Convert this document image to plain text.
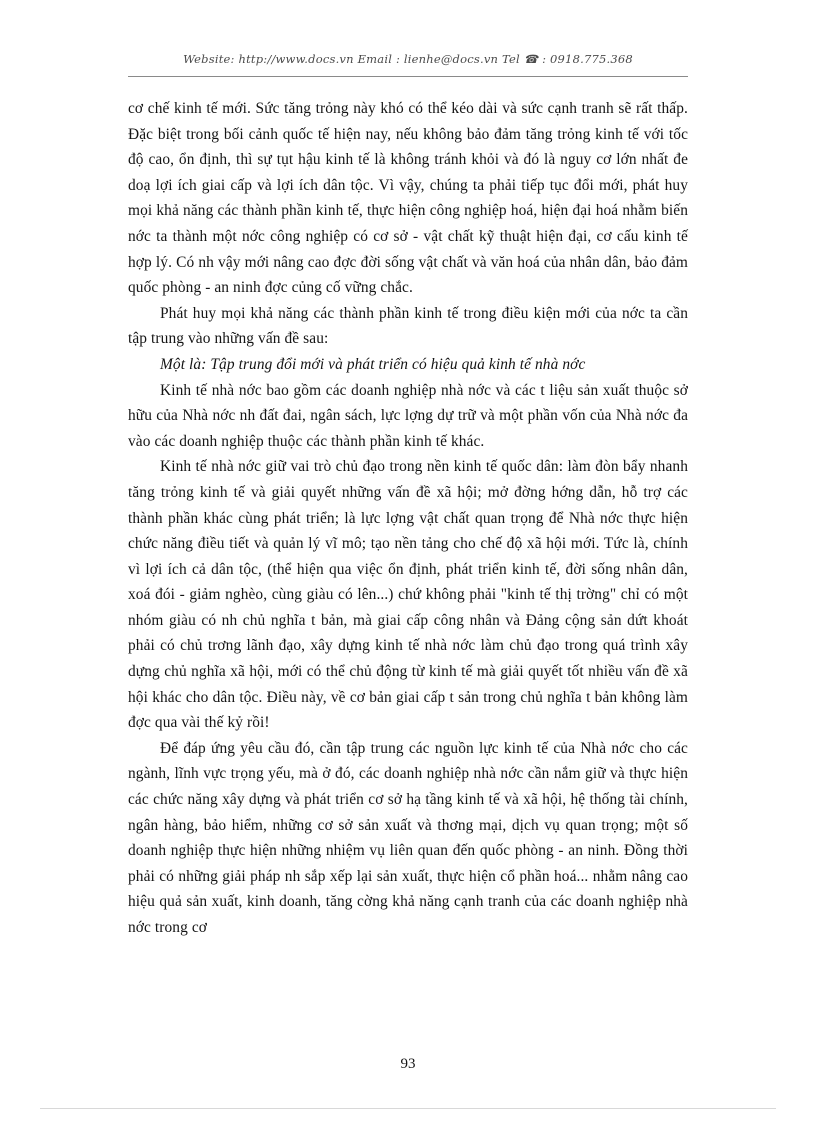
Website: http://www.docs.vn Email : lienhe@docs.vn Tel ☎ : 0918.775.368

cơ chế kinh tế mới. Sức tăng trỏng này khó có thể kéo dài và sức cạnh tranh sẽ rất thấp. Đặc biệt trong bối cảnh quốc tế hiện nay, nếu không bảo đảm tăng trỏng kinh tế với tốc độ cao, ổn định, thì sự tụt hậu kinh tế là không tránh khỏi và đó là nguy cơ lớn nhất đe doạ lợi ích giai cấp và lợi ích dân tộc. Vì vậy, chúng ta phải tiếp tục đổi mới, phát huy mọi khả năng các thành phần kinh tế, thực hiện công nghiệp hoá, hiện đại hoá nhằm biến nớc ta thành một nớc công nghiệp có cơ sở - vật chất kỹ thuật hiện đại, cơ cấu kinh tế hợp lý. Có nh vậy mới nâng cao đợc đời sống vật chất và văn hoá của nhân dân, bảo đảm quốc phòng - an ninh đợc củng cố vững chắc.

Phát huy mọi khả năng các thành phần kinh tế trong điều kiện mới của nớc ta cần tập trung vào những vấn đề sau:

Một là: Tập trung đổi mới và phát triển có hiệu quả kinh tế nhà nớc

Kinh tế nhà nớc bao gồm các doanh nghiệp nhà nớc và các t liệu sản xuất thuộc sở hữu của Nhà nớc nh đất đai, ngân sách, lực lợng dự trữ và một phần vốn của Nhà nớc đa vào các doanh nghiệp thuộc các thành phần kinh tế khác.

Kinh tế nhà nớc giữ vai trò chủ đạo trong nền kinh tế quốc dân: làm đòn bẩy nhanh tăng trỏng kinh tế và giải quyết những vấn đề xã hội; mở đờng hớng dẫn, hỗ trợ các thành phần khác cùng phát triển; là lực lợng vật chất quan trọng để Nhà nớc thực hiện chức năng điều tiết và quản lý vĩ mô; tạo nền tảng cho chế độ xã hội mới. Tức là, chính vì lợi ích cả dân tộc, (thể hiện qua việc ổn định, phát triển kinh tế, đời sống nhân dân, xoá đói - giảm nghèo, cùng giàu có lên...) chứ không phải "kinh tế thị trờng" chỉ có một nhóm giàu có nh chủ nghĩa t bản, mà giai cấp công nhân và Đảng cộng sản dứt khoát phải có chủ trơng lãnh đạo, xây dựng kinh tế nhà nớc làm chủ đạo trong quá trình xây dựng chủ nghĩa xã hội, mới có thể chủ động từ kinh tế mà giải quyết tốt nhiều vấn đề xã hội khác cho dân tộc. Điều này, về cơ bản giai cấp t sản trong chủ nghĩa t bản không làm đợc qua vài thế kỷ rồi!

Để đáp ứng yêu cầu đó, cần tập trung các nguồn lực kinh tế của Nhà nớc cho các ngành, lĩnh vực trọng yếu, mà ở đó, các doanh nghiệp nhà nớc cần nắm giữ và thực hiện các chức năng xây dựng và phát triển cơ sở hạ tầng kinh tế và xã hội, hệ thống tài chính, ngân hàng, bảo hiểm, những cơ sở sản xuất và thơng mại, dịch vụ quan trọng; một số doanh nghiệp thực hiện những nhiệm vụ liên quan đến quốc phòng - an ninh. Đồng thời phải có những giải pháp nh sắp xếp lại sản xuất, thực hiện cổ phần hoá... nhằm nâng cao hiệu quả sản xuất, kinh doanh, tăng cờng khả năng cạnh tranh của các doanh nghiệp nhà nớc trong cơ

93
